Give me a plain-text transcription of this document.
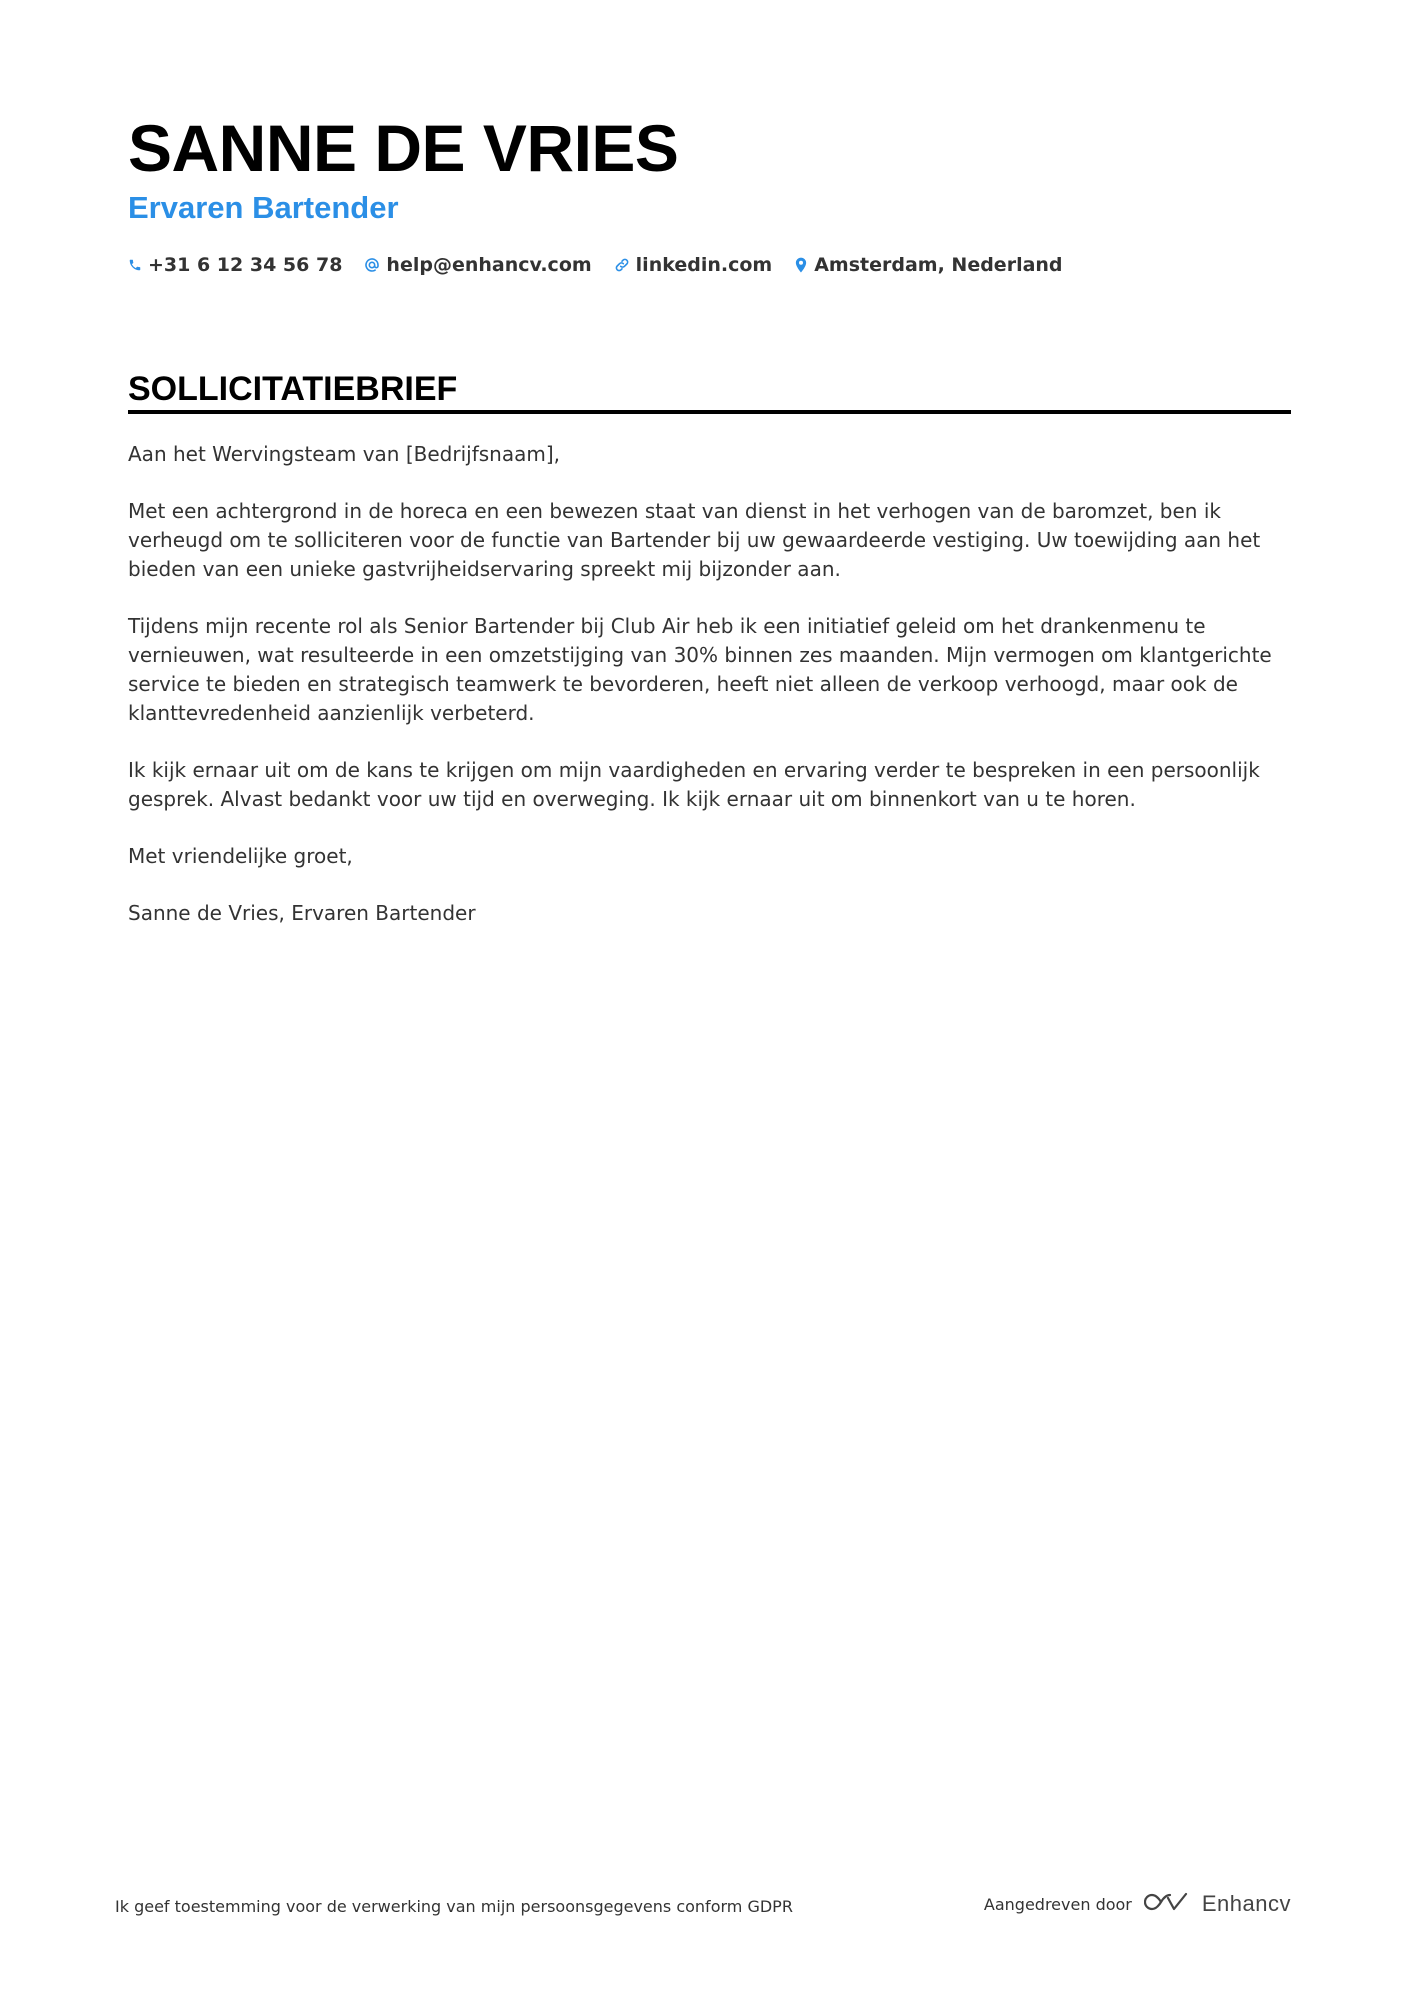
SANNE DE VRIES
Ervaren Bartender
+31 6 12 34 56 78 help@enhancv.com linkedin.com Amsterdam, Nederland
SOLLICITATIEBRIEF

Aan het Wervingsteam van [Bedrijfsnaam],

Met een achtergrond in de horeca en een bewezen staat van dienst in het verhogen van de baromzet, ben ik verheugd om te solliciteren voor de functie van Bartender bij uw gewaardeerde vestiging. Uw toewijding aan het bieden van een unieke gastvrijheidservaring spreekt mij bijzonder aan.

Tijdens mijn recente rol als Senior Bartender bij Club Air heb ik een initiatief geleid om het drankenmenu te vernieuwen, wat resulteerde in een omzetstijging van 30% binnen zes maanden. Mijn vermogen om klantgerichte service te bieden en strategisch teamwerk te bevorderen, heeft niet alleen de verkoop verhoogd, maar ook de klanttevredenheid aanzienlijk verbeterd.

Ik kijk ernaar uit om de kans te krijgen om mijn vaardigheden en ervaring verder te bespreken in een persoonlijk gesprek. Alvast bedankt voor uw tijd en overweging. Ik kijk ernaar uit om binnenkort van u te horen.

Met vriendelijke groet,

Sanne de Vries, Ervaren Bartender

Ik geef toestemming voor de verwerking van mijn persoonsgegevens conform GDPR	Aangedreven door	Enhancv
